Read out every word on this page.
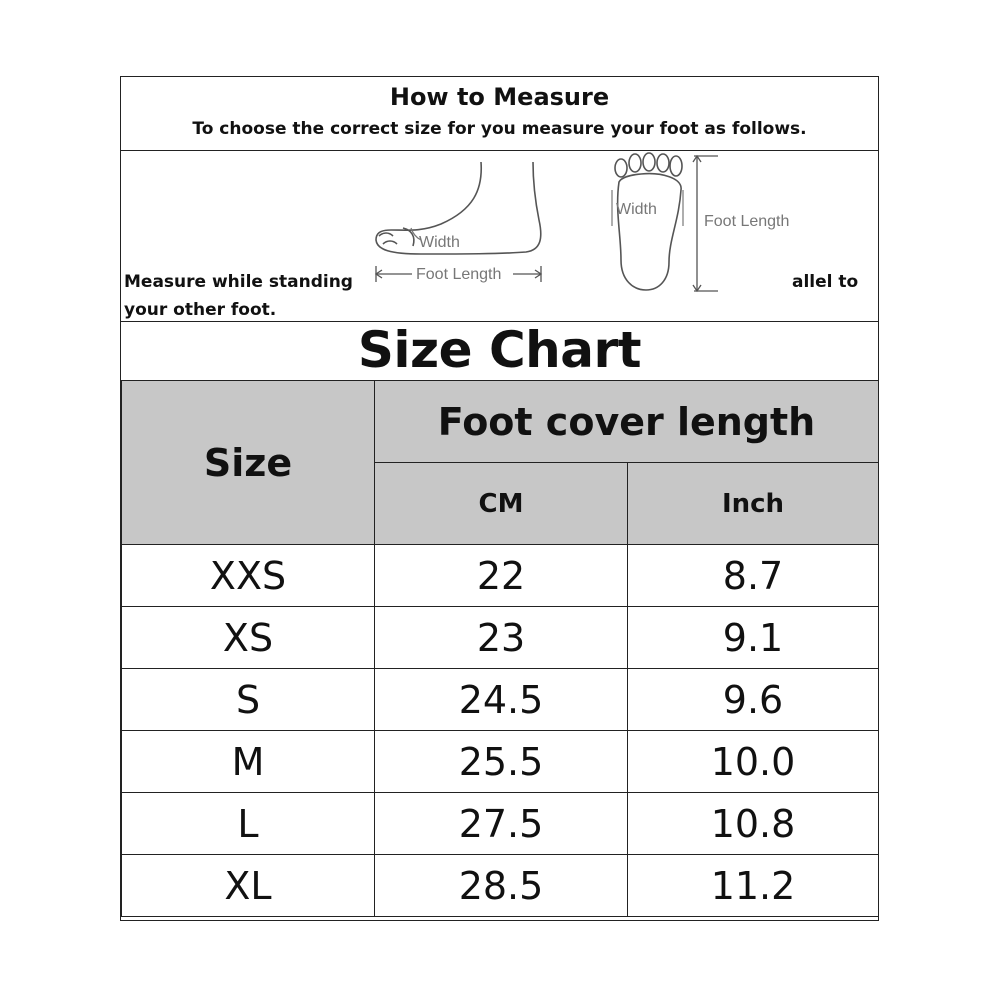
How to Measure
To choose the correct size for you measure your foot as follows.
Measure while standing	allel to
your other foot.
Width
Foot Length
Width
Foot Length
Size Chart
Size	Foot cover length	
	CM	Inch
XXS	22	8.7
XS	23	9.1
S	24.5	9.6
M	25.5	10.0
L	27.5	10.8
XL	28.5	11.2
